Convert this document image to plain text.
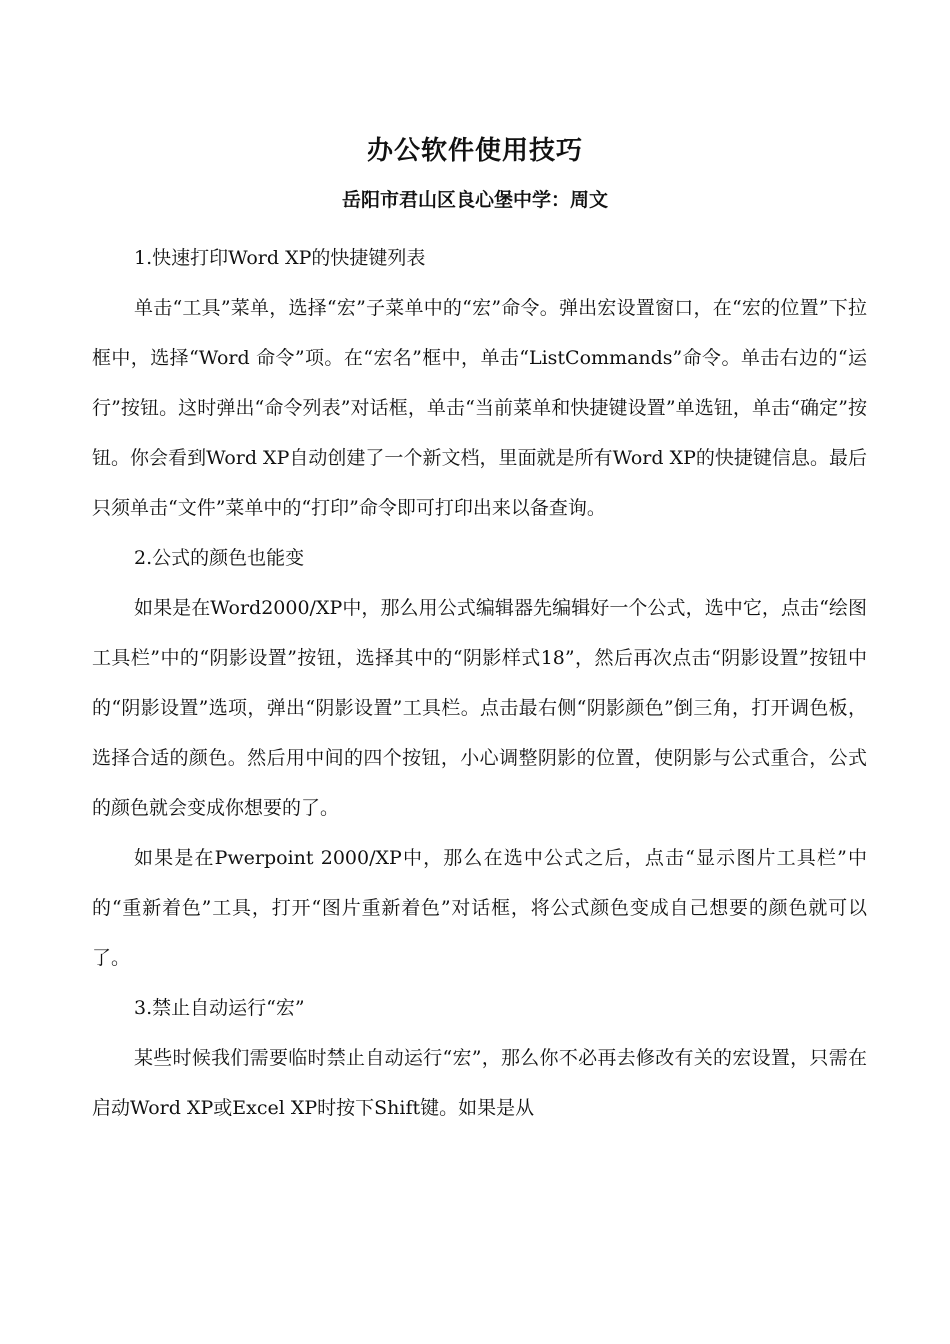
办公软件使用技巧
岳阳市君山区良心堡中学：周文

1.快速打印Word XP的快捷键列表

单击“工具”菜单，选择“宏”子菜单中的“宏”命令。弹出宏设置窗口，在“宏的位置”下拉框中，选择“Word 命令”项。在“宏名”框中，单击“ListCommands”命令。单击右边的“运行”按钮。这时弹出“命令列表”对话框，单击“当前菜单和快捷键设置”单选钮，单击“确定”按钮。你会看到Word XP自动创建了一个新文档，里面就是所有Word XP的快捷键信息。最后只须单击“文件”菜单中的“打印”命令即可打印出来以备查询。

2.公式的颜色也能变

如果是在Word2000/XP中，那么用公式编辑器先编辑好一个公式，选中它，点击“绘图工具栏”中的“阴影设置”按钮，选择其中的“阴影样式18”，然后再次点击“阴影设置”按钮中的“阴影设置”选项，弹出“阴影设置”工具栏。点击最右侧“阴影颜色”倒三角，打开调色板，选择合适的颜色。然后用中间的四个按钮，小心调整阴影的位置，使阴影与公式重合，公式的颜色就会变成你想要的了。

如果是在Pwerpoint 2000/XP中，那么在选中公式之后，点击“显示图片工具栏”中的“重新着色”工具，打开“图片重新着色”对话框，将公式颜色变成自己想要的颜色就可以了。

3.禁止自动运行“宏”

某些时候我们需要临时禁止自动运行“宏”，那么你不必再去修改有关的宏设置，只需在启动Word XP或Excel XP时按下Shift键。如果是从
